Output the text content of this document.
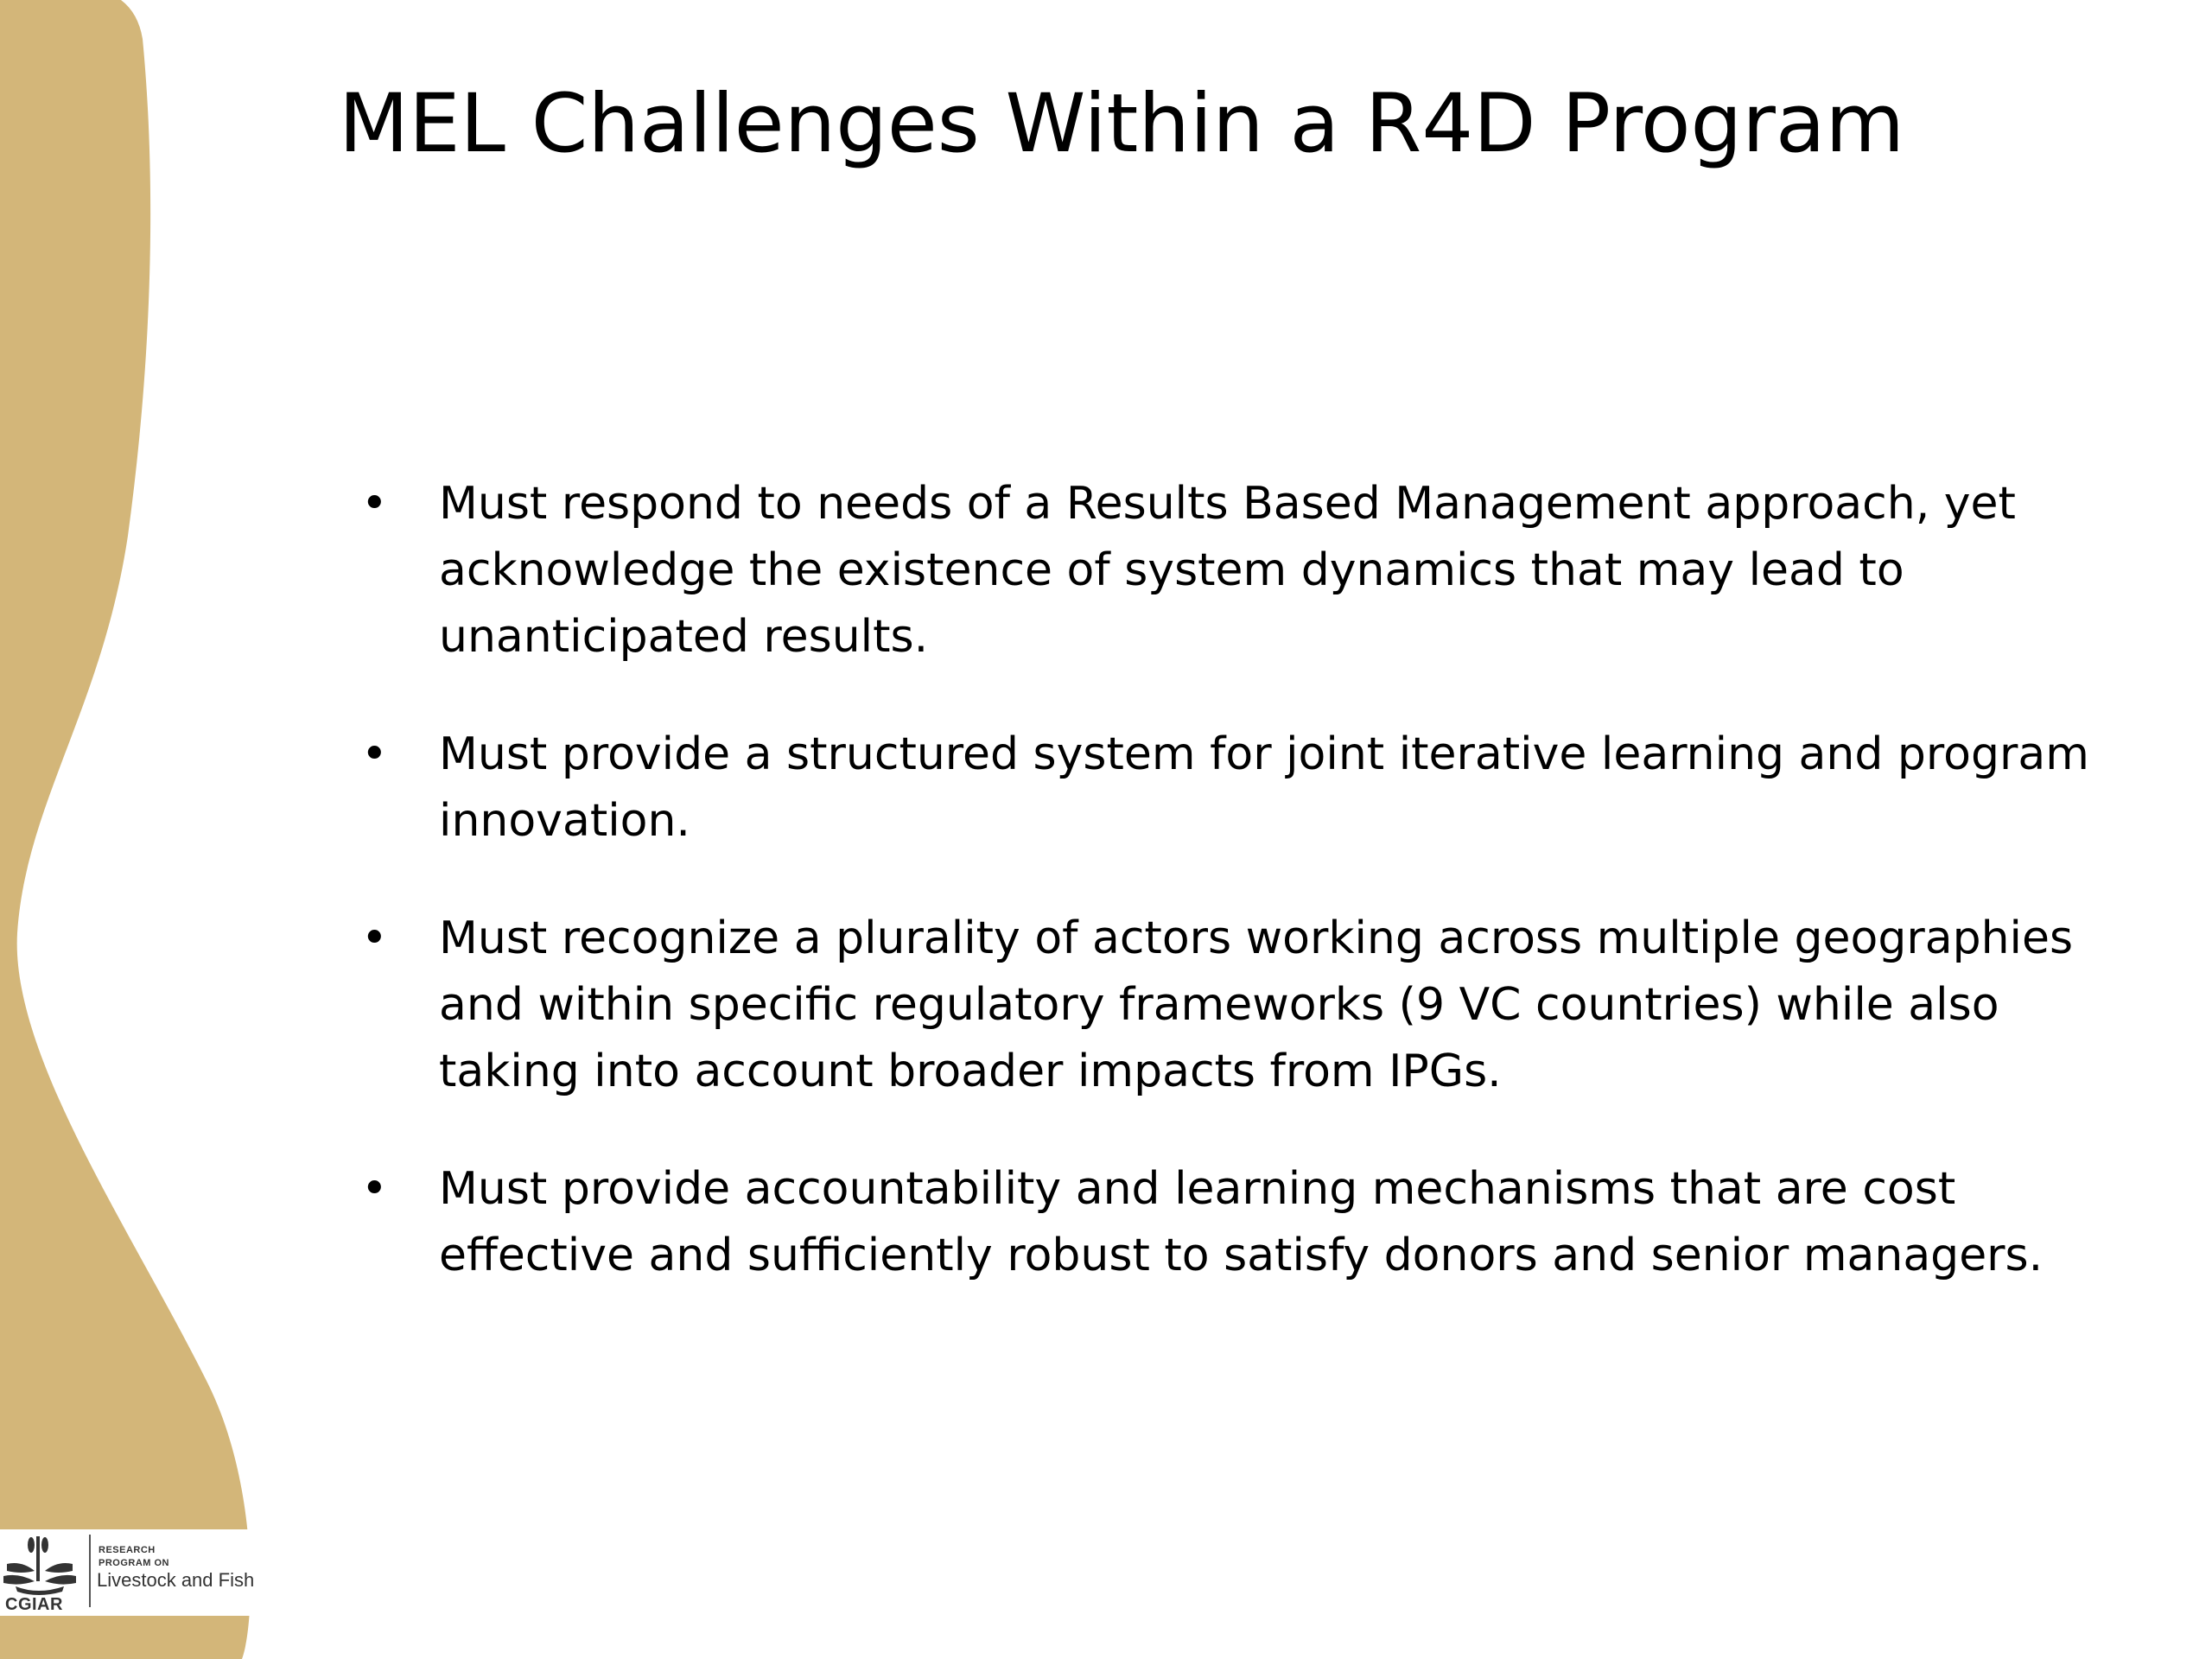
MEL Challenges Within a R4D Program
• Must respond to needs of a Results Based Management approach, yet acknowledge the existence of system dynamics that may lead to unanticipated results.
• Must provide a structured system for joint iterative learning and program innovation.
• Must recognize a plurality of actors working across multiple geographies and within specific regulatory frameworks (9 VC countries) while also taking into account broader impacts from IPGs.
• Must provide accountability and learning mechanisms that are cost effective and sufficiently robust to satisfy donors and senior managers.
CGIAR
RESEARCH
PROGRAM ON
Livestock and Fish
